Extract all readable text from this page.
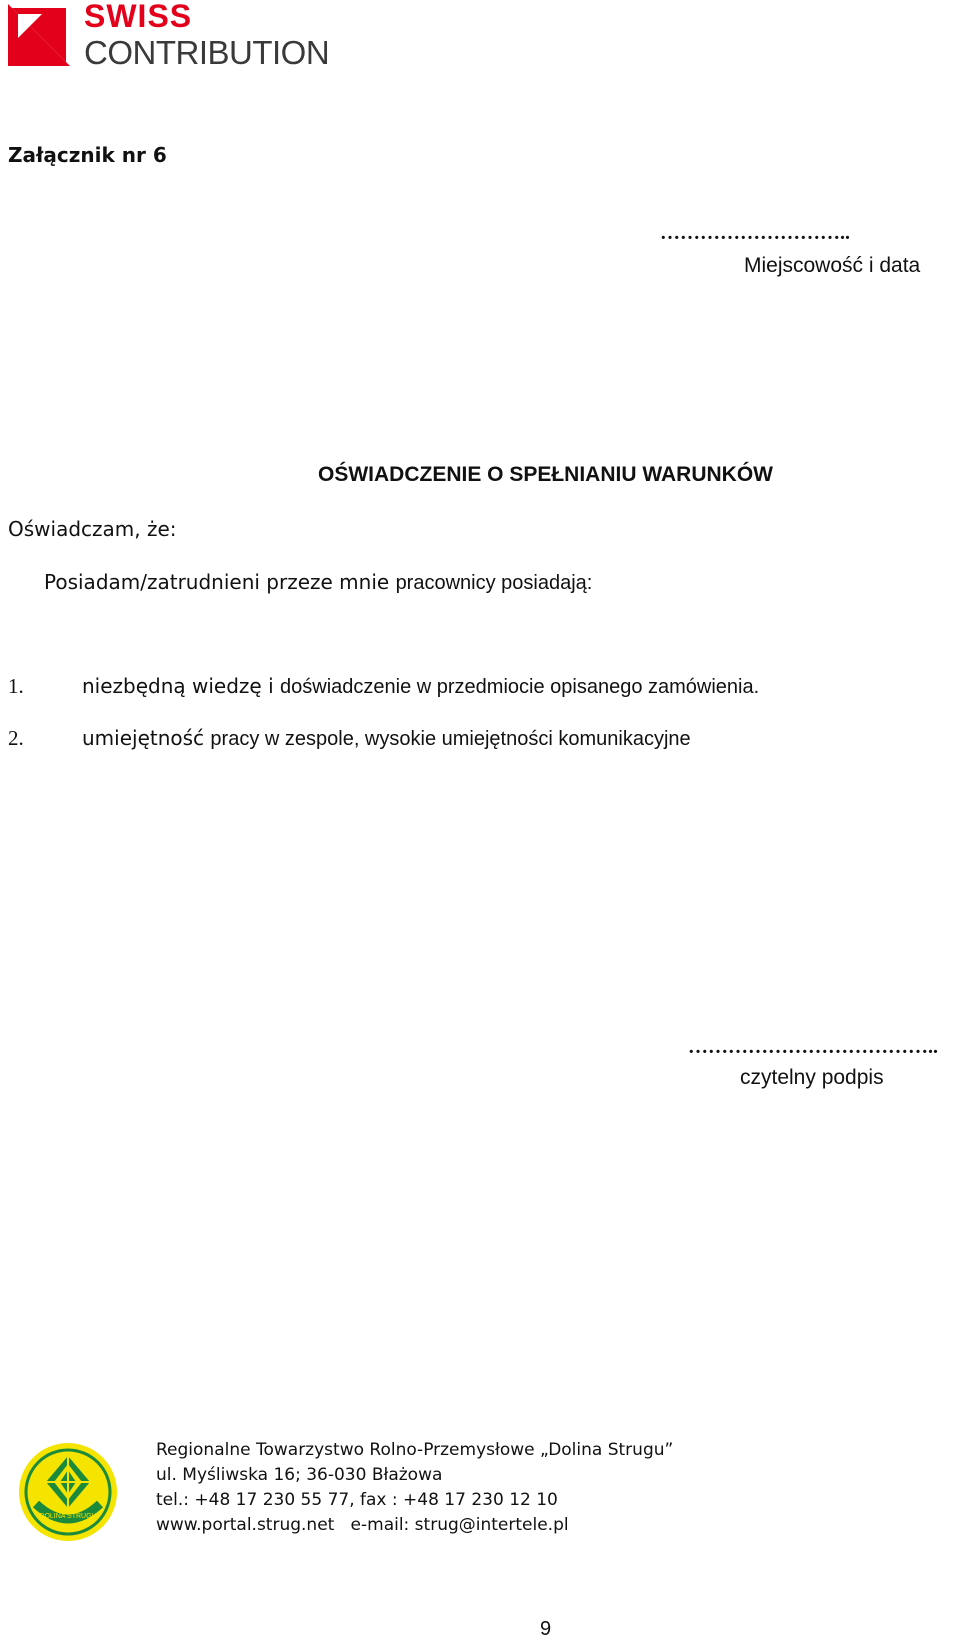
SWISS
CONTRIBUTION
Załącznik nr 6
………………………..
Miejscowość i data
OŚWIADCZENIE O SPEŁNIANIU WARUNKÓW
Oświadczam, że:
Posiadam/zatrudnieni przeze mnie pracownicy posiadają:
1.	niezbędną wiedzę i doświadczenie w przedmiocie opisanego zamówienia.
2.	umiejętność pracy w zespole, wysokie umiejętności komunikacyjne
………………………………..
czytelny podpis
DOLINA STRUGU
Regionalne Towarzystwo Rolno-Przemysłowe „Dolina Strugu”
ul. Myśliwska 16; 36-030 Błażowa
tel.: +48 17 230 55 77, fax : +48 17 230 12 10
www.portal.strug.net   e-mail: strug@intertele.pl
9
